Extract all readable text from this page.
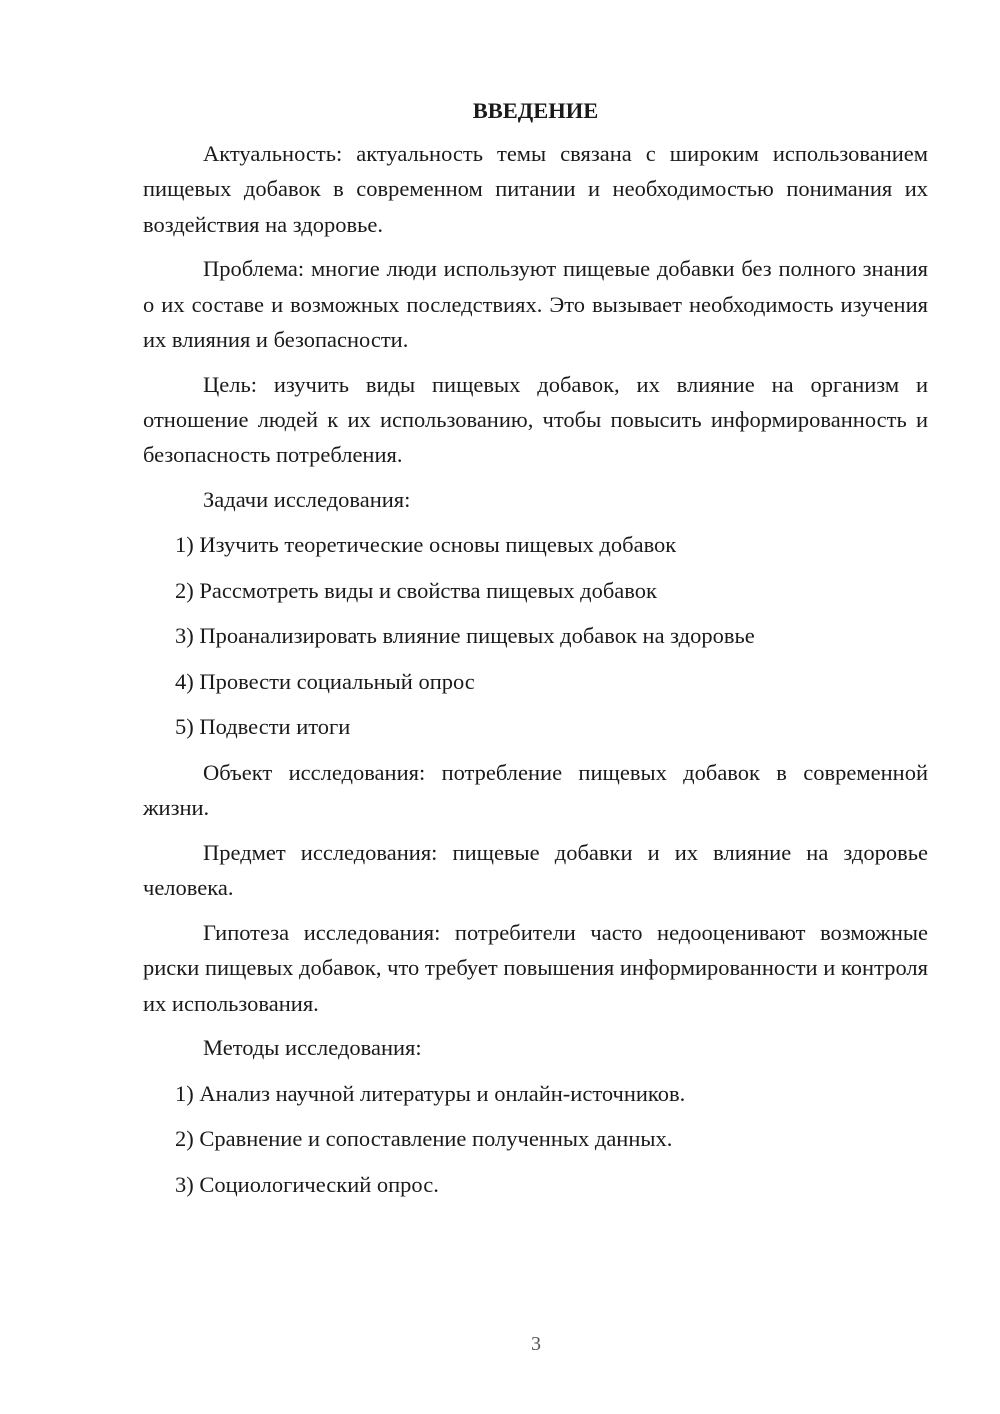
ВВЕДЕНИЕ

Актуальность: актуальность темы связана с широким использованием пищевых добавок в современном питании и необходимостью понимания их воздействия на здоровье.

Проблема: многие люди используют пищевые добавки без полного знания о их составе и возможных последствиях. Это вызывает необходимость изучения их влияния и безопасности.

Цель: изучить виды пищевых добавок, их влияние на организм и отношение людей к их использованию, чтобы повысить информированность и безопасность потребления.

Задачи исследования:

1) Изучить теоретические основы пищевых добавок
2) Рассмотреть виды и свойства пищевых добавок
3) Проанализировать влияние пищевых добавок на здоровье
4) Провести социальный опрос
5) Подвести итоги

Объект исследования: потребление пищевых добавок в современной жизни.

Предмет исследования: пищевые добавки и их влияние на здоровье человека.

Гипотеза исследования: потребители часто недооценивают возможные риски пищевых добавок, что требует повышения информированности и контроля их использования.

Методы исследования:

1) Анализ научной литературы и онлайн-источников.
2) Сравнение и сопоставление полученных данных.
3) Социологический опрос.
3
